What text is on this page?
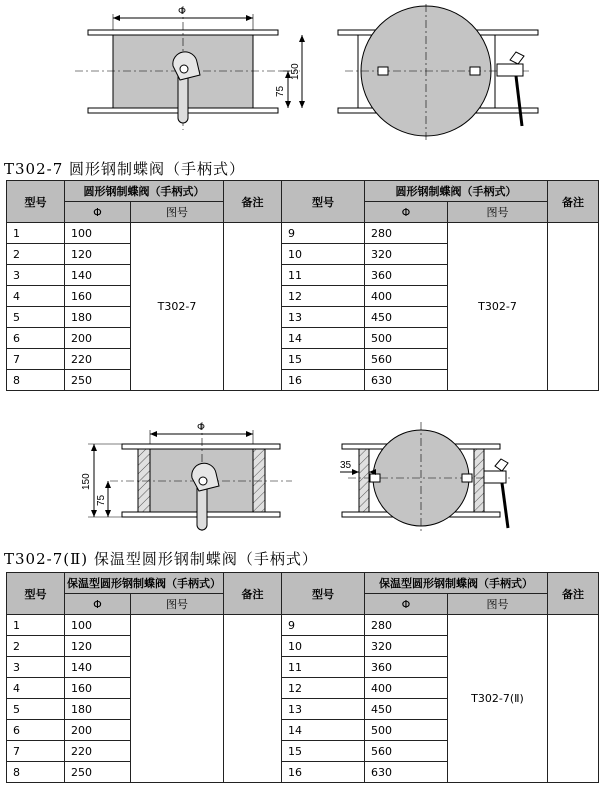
Φ
150
75
T302-7 圆形钢制蝶阀（手柄式）
型号	圆形钢制蝶阀（手柄式）		备注	型号	圆形钢制蝶阀（手柄式）		备注
	Φ	图号			Φ	图号	
1	100	T302-7		9	280	T302-7	
2	120			10	320		
3	140			11	360		
4	160			12	400		
5	180			13	450		
6	200			14	500		
7	220			15	560		
8	250			16	630		
Φ
150
75
35
T302-7(Ⅱ) 保温型圆形钢制蝶阀（手柄式）
型号	保温型圆形钢制蝶阀（手柄式）		备注	型号	保温型圆形钢制蝶阀（手柄式）		备注
	Φ	图号			Φ	图号	
1	100			9	280	T302-7(Ⅱ)	
2	120			10	320		
3	140			11	360		
4	160			12	400		
5	180			13	450		
6	200			14	500		
7	220			15	560		
8	250			16	630		
